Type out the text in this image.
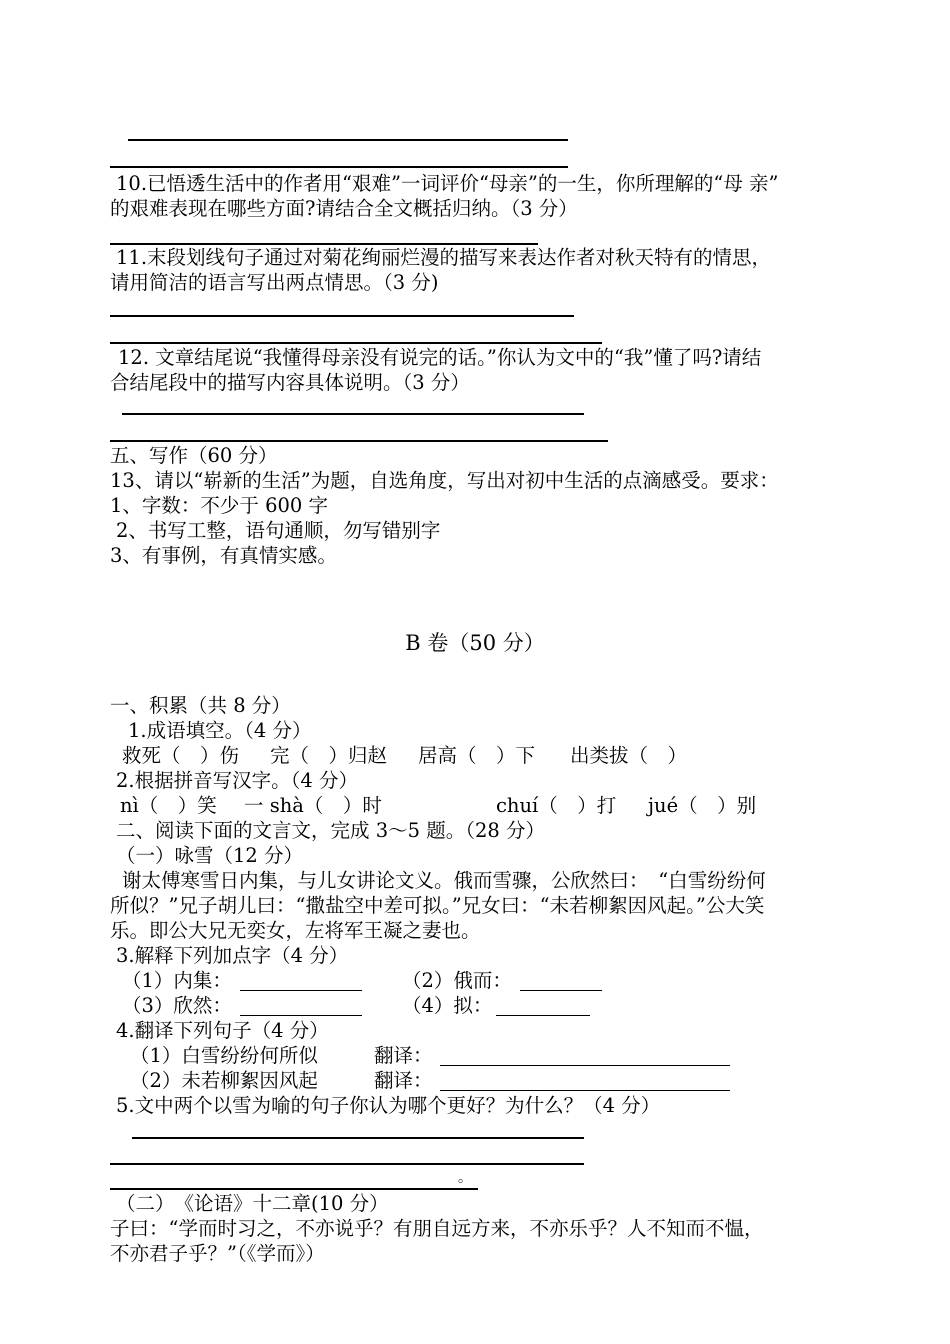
10.已悟透生活中的作者用“艰难”一词评价“母亲”的一生，你所理解的“母 亲”
的艰难表现在哪些方面?请结合全文概括归纳。（3 分）
11.末段划线句子通过对菊花绚丽烂漫的描写来表达作者对秋天特有的情思，
请用简洁的语言写出两点情思。（3 分)
12. 文章结尾说“我懂得母亲没有说完的话。”你认为文中的“我”懂了吗?请结
合结尾段中的描写内容具体说明。（3 分）
五、写作（60 分）
13、请以“崭新的生活”为题，自选角度，写出对初中生活的点滴感受。要求：
1、字数：不少于 600 字
2、书写工整，语句通顺，勿写错别字
3、有事例，有真情实感。
B 卷（50 分）
一、积累（共 8 分）
1.成语填空。（4 分）
救死（　）伤 完（　）归赵 居高（　）下 出类拔（　）
2.根据拼音写汉字。（4 分）
nì（　）笑 一 shà（　）时	chuí（　）打 jué（　）别
二、阅读下面的文言文，完成 3～5 题。（28 分）
（一）咏雪（12 分）
谢太傅寒雪日内集，与儿女讲论文义。俄而雪骤，公欣然曰：　“白雪纷纷何
所似？”兄子胡儿曰：“撒盐空中差可拟。”兄女曰：“未若柳絮因风起。”公大笑
乐。即公大兄无奕女，左将军王凝之妻也。
3.解释下列加点字（4 分）
（1）内集：	（2）俄而：
（3）欣然：	（4）拟：
4.翻译下列句子（4 分）
（1）白雪纷纷何所似	翻译：
（2）未若柳絮因风起	翻译：
5.文中两个以雪为喻的句子你认为哪个更好？为什么？（4 分）
。
（二）　《论语》十二章(10 分）
子曰：“学而时习之，不亦说乎？有朋自远方来，不亦乐乎？人不知而不愠，
不亦君子乎？”（《学而》）
